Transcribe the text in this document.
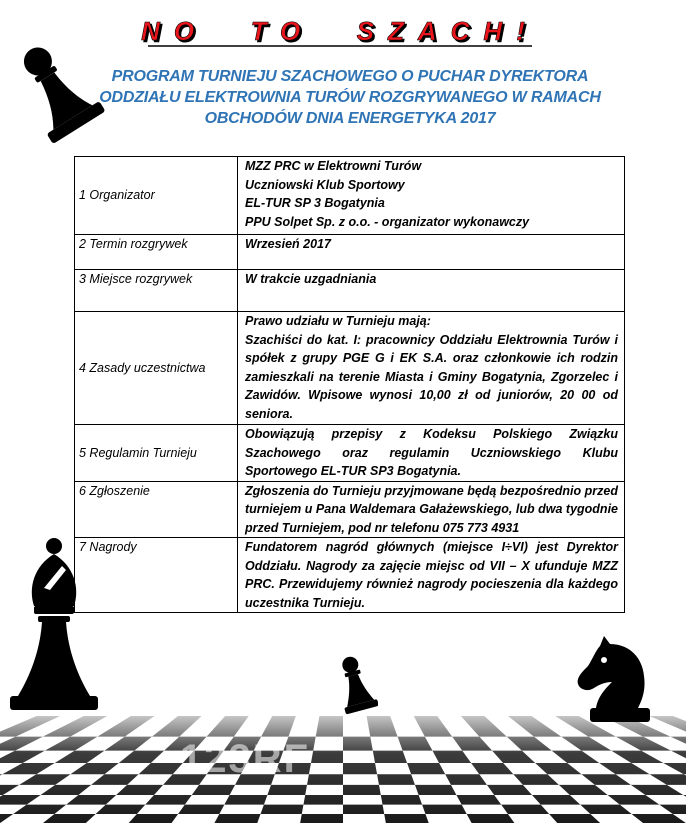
NO  TO  SZACH!
PROGRAM TURNIEJU SZACHOWEGO O PUCHAR DYREKTORA
ODDZIAŁU ELEKTROWNIA TURÓW ROZGRYWANEGO W RAMACH
OBCHODÓW DNIA ENERGETYKA 2017
1 Organizator	MZZ PRC w Elektrowni Turów
Uczniowski Klub Sportowy
EL-TUR SP 3 Bogatynia
PPU Solpet Sp. z o.o. - organizator wykonawczy

2 Termin rozgrywek	Wrzesień 2017

3 Miejsce rozgrywek	W trakcie uzgadniania

4 Zasady uczestnictwa	Prawo udziału w Turnieju mają:
Szachiści do kat. I: pracownicy Oddziału Elektrownia Turów i spółek z grupy PGE G i EK S.A. oraz członkowie ich rodzin zamieszkali na terenie Miasta i Gminy Bogatynia, Zgorzelec i Zawidów. Wpisowe wynosi 10,00 zł od juniorów, 20 00 od seniora.

5 Regulamin Turnieju	Obowiązują przepisy z Kodeksu Polskiego Związku Szachowego oraz regulamin Uczniowskiego Klubu Sportowego EL-TUR SP3 Bogatynia.

6 Zgłoszenie	Zgłoszenia do Turnieju przyjmowane będą bezpośrednio przed turniejem u Pana Waldemara Gałażewskiego, lub dwa tygodnie przed Turniejem, pod nr telefonu 075 773 4931

7 Nagrody	Fundatorem nagród głównych (miejsce I÷VI) jest Dyrektor Oddziału. Nagrody za zajęcie miejsc od VII – X ufunduje MZZ PRC. Przewidujemy również nagrody pocieszenia dla każdego uczestnika Turnieju.
123RF
